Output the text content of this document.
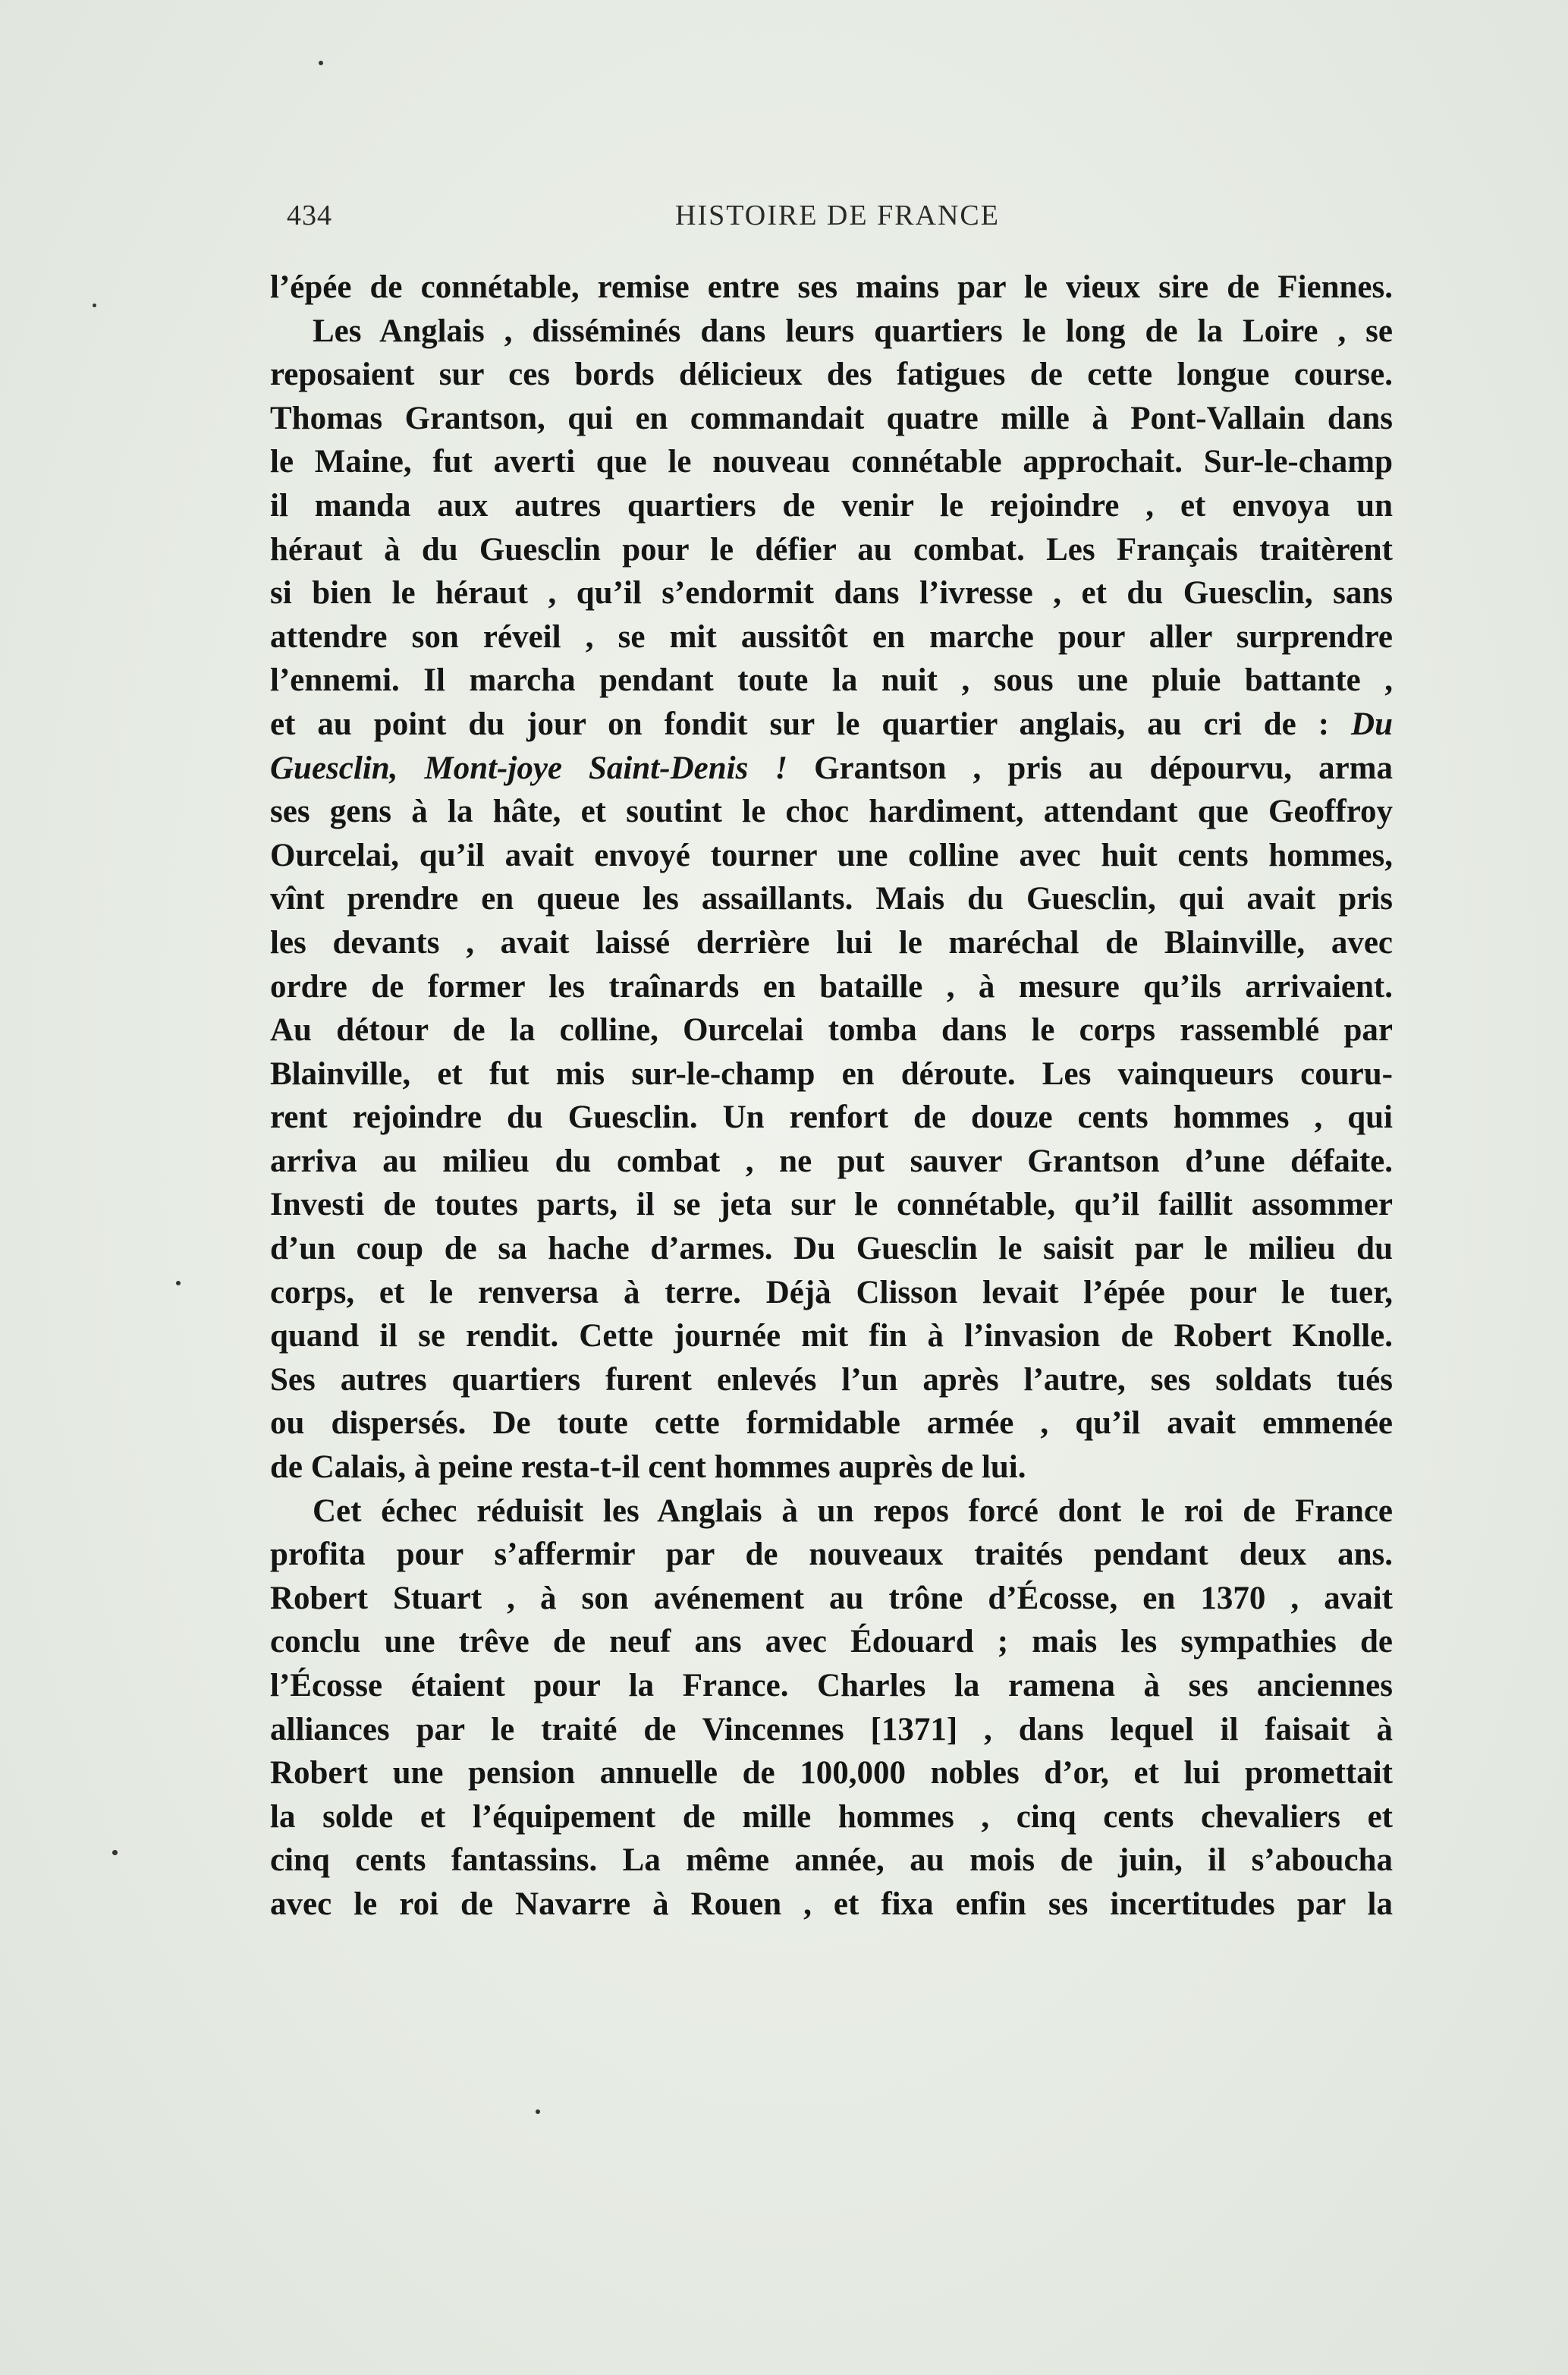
434	HISTOIRE DE FRANCE
l’épée de connétable, remise entre ses mains par le vieux sire de Fiennes.
Les Anglais , disséminés dans leurs quartiers le long de la Loire , se
reposaient sur ces bords délicieux des fatigues de cette longue course.
Thomas Grantson, qui en commandait quatre mille à Pont-Vallain dans
le Maine, fut averti que le nouveau connétable approchait. Sur-le-champ
il manda aux autres quartiers de venir le rejoindre , et envoya un
héraut à du Guesclin pour le défier au combat. Les Français traitèrent
si bien le héraut , qu’il s’endormit dans l’ivresse , et du Guesclin, sans
attendre son réveil , se mit aussitôt en marche pour aller surprendre
l’ennemi. Il marcha pendant toute la nuit , sous une pluie battante ,
et au point du jour on fondit sur le quartier anglais, au cri de : Du
Guesclin, Mont-joye Saint-Denis ! Grantson , pris au dépourvu, arma
ses gens à la hâte, et soutint le choc hardiment, attendant que Geoffroy
Ourcelai, qu’il avait envoyé tourner une colline avec huit cents hommes,
vînt prendre en queue les assaillants. Mais du Guesclin, qui avait pris
les devants , avait laissé derrière lui le maréchal de Blainville, avec
ordre de former les traînards en bataille , à mesure qu’ils arrivaient.
Au détour de la colline, Ourcelai tomba dans le corps rassemblé par
Blainville, et fut mis sur-le-champ en déroute. Les vainqueurs couru-
rent rejoindre du Guesclin. Un renfort de douze cents hommes , qui
arriva au milieu du combat , ne put sauver Grantson d’une défaite.
Investi de toutes parts, il se jeta sur le connétable, qu’il faillit assommer
d’un coup de sa hache d’armes. Du Guesclin le saisit par le milieu du
corps, et le renversa à terre. Déjà Clisson levait l’épée pour le tuer,
quand il se rendit. Cette journée mit fin à l’invasion de Robert Knolle.
Ses autres quartiers furent enlevés l’un après l’autre, ses soldats tués
ou dispersés. De toute cette formidable armée , qu’il avait emmenée
de Calais, à peine resta-t-il cent hommes auprès de lui.
Cet échec réduisit les Anglais à un repos forcé dont le roi de France
profita pour s’affermir par de nouveaux traités pendant deux ans.
Robert Stuart , à son avénement au trône d’Écosse, en 1370 , avait
conclu une trêve de neuf ans avec Édouard ; mais les sympathies de
l’Écosse étaient pour la France. Charles la ramena à ses anciennes
alliances par le traité de Vincennes [1371] , dans lequel il faisait à
Robert une pension annuelle de 100,000 nobles d’or, et lui promettait
la solde et l’équipement de mille hommes , cinq cents chevaliers et
cinq cents fantassins. La même année, au mois de juin, il s’aboucha
avec le roi de Navarre à Rouen , et fixa enfin ses incertitudes par la
